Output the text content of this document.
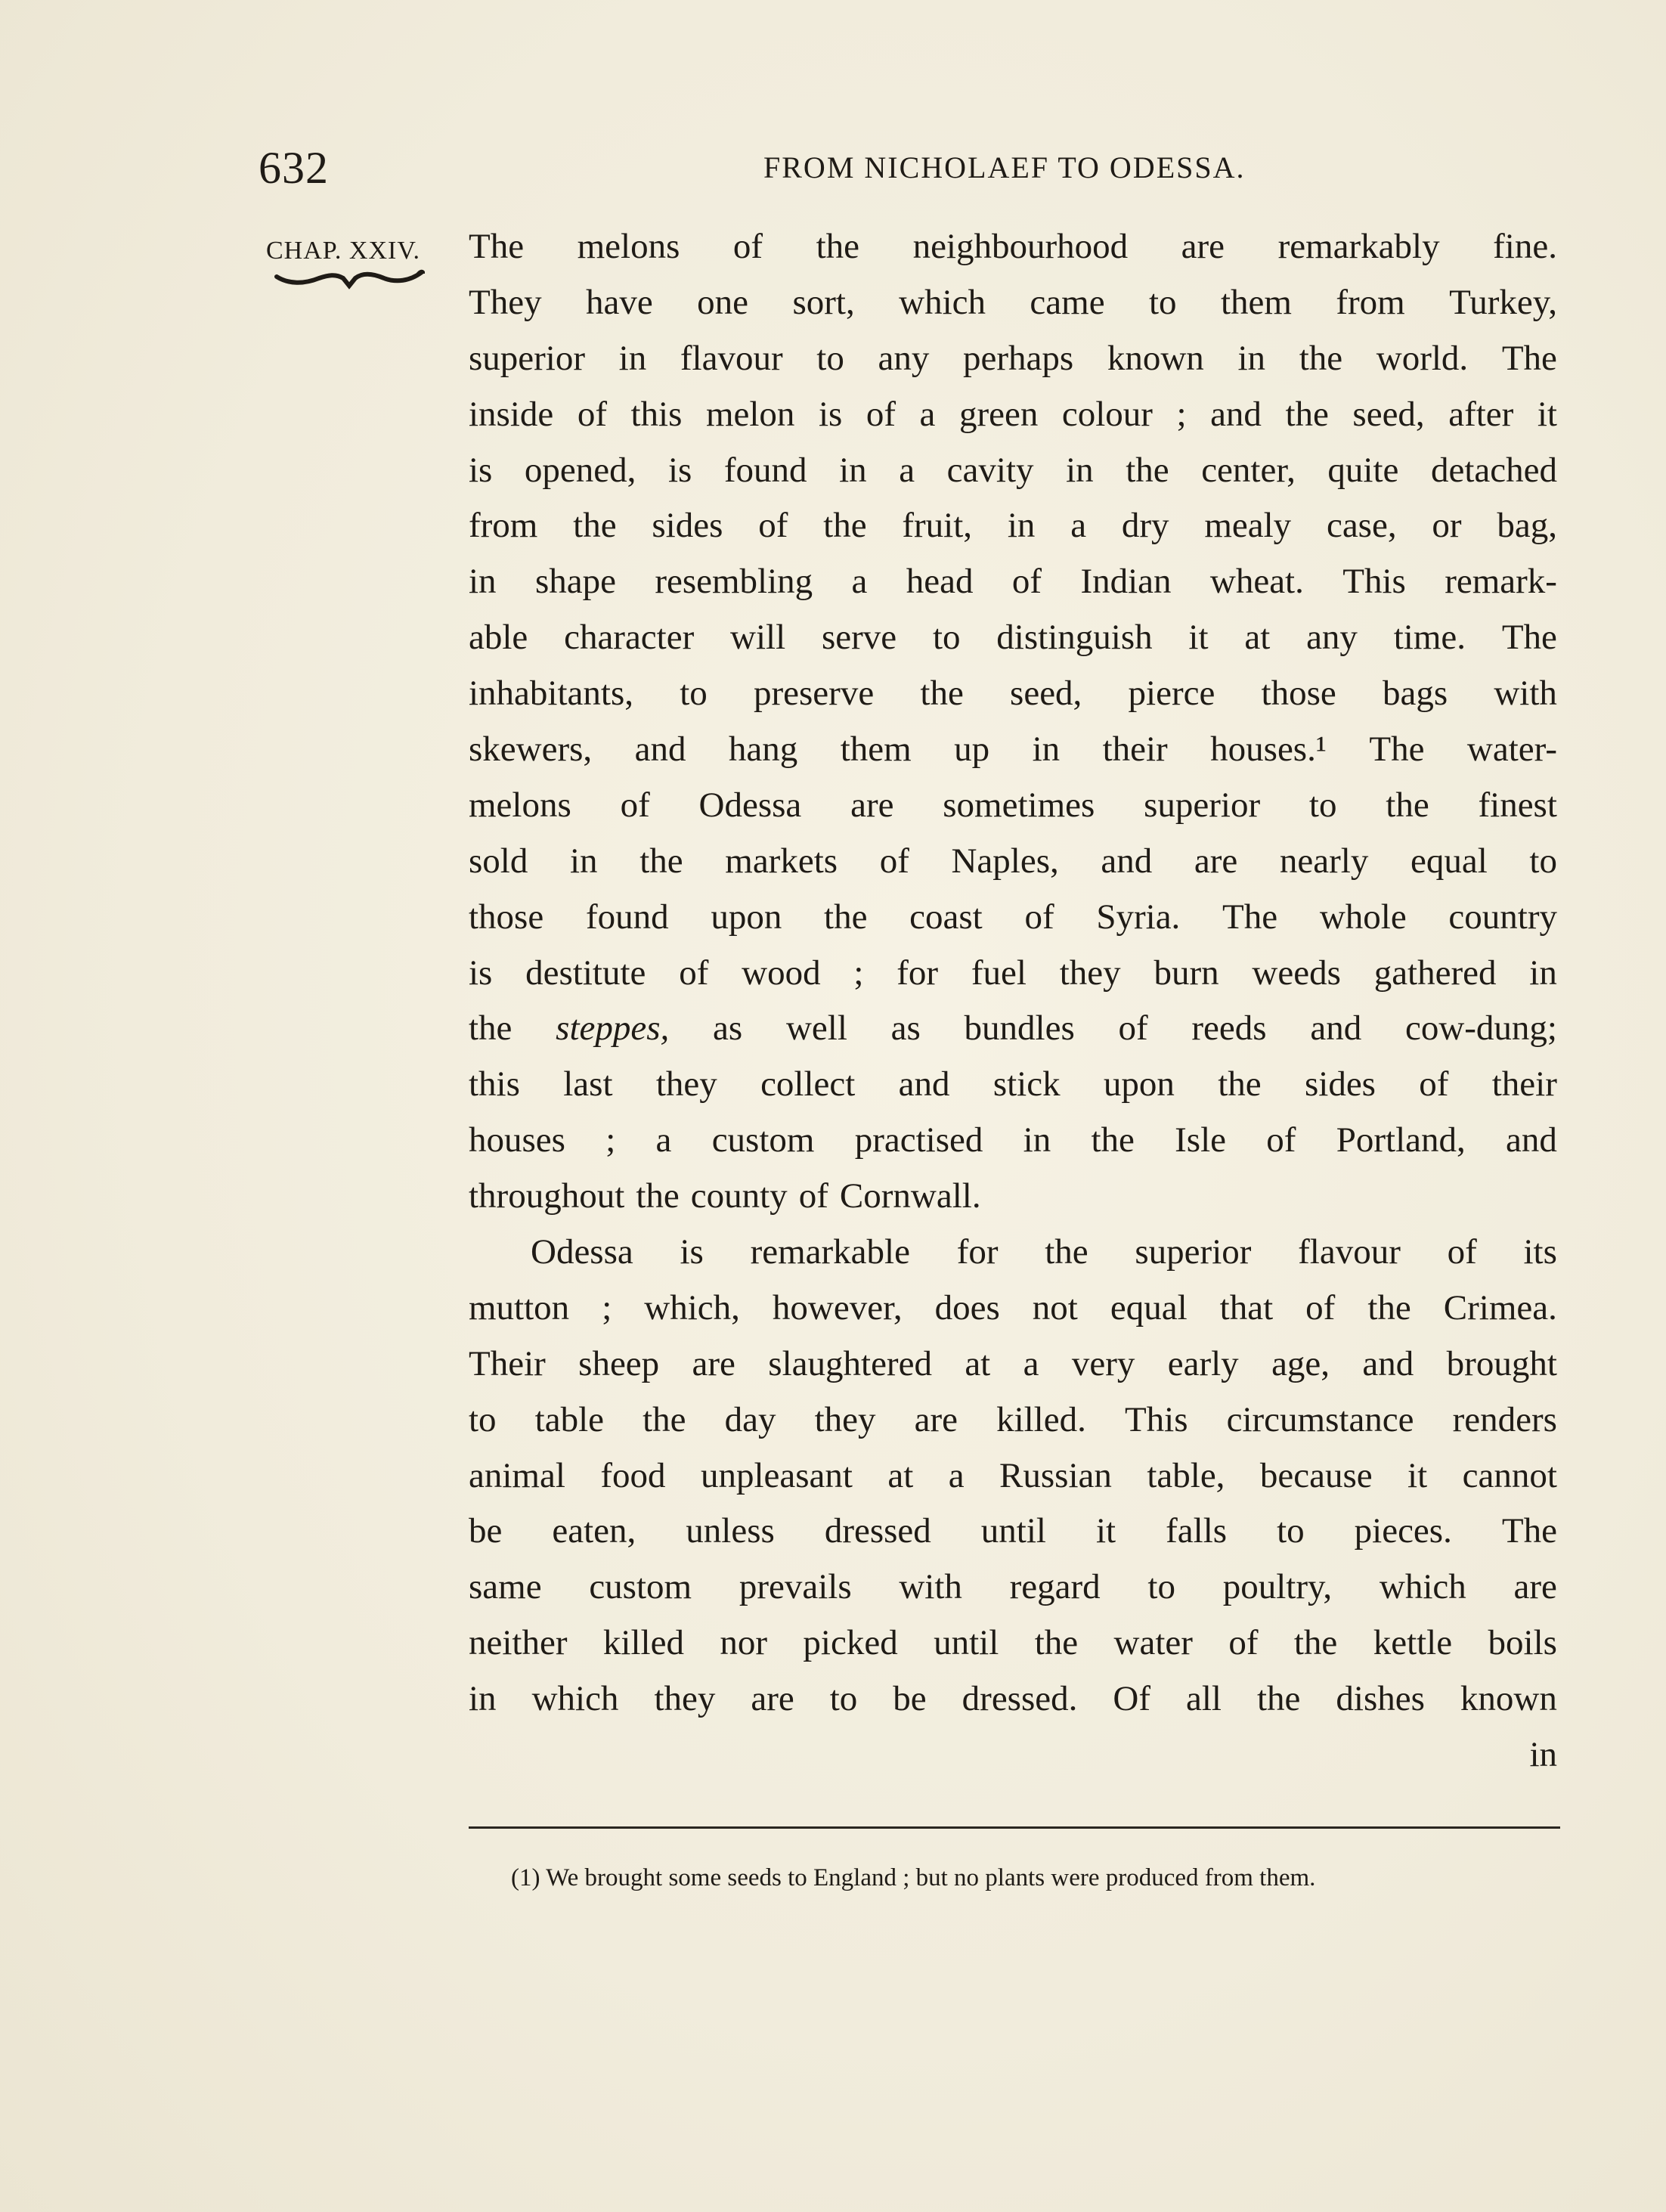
632	FROM NICHOLAEF TO ODESSA.
CHAP. XXIV. The melons of the neighbourhood are remarkably fine.
They have one sort, which came to them from Turkey,
superior in flavour to any perhaps known in the world. The
inside of this melon is of a green colour ; and the seed, after it
is opened, is found in a cavity in the center, quite detached
from the sides of the fruit, in a dry mealy case, or bag,
in shape resembling a head of Indian wheat. This remark-
able character will serve to distinguish it at any time. The
inhabitants, to preserve the seed, pierce those bags with
skewers, and hang them up in their houses.¹ The water-
melons of Odessa are sometimes superior to the finest
sold in the markets of Naples, and are nearly equal to
those found upon the coast of Syria. The whole country
is destitute of wood ; for fuel they burn weeds gathered in
the steppes, as well as bundles of reeds and cow-dung;
this last they collect and stick upon the sides of their
houses ; a custom practised in the Isle of Portland, and
throughout the county of Cornwall.
Odessa is remarkable for the superior flavour of its
mutton ; which, however, does not equal that of the Crimea.
Their sheep are slaughtered at a very early age, and brought
to table the day they are killed. This circumstance renders
animal food unpleasant at a Russian table, because it cannot
be eaten, unless dressed until it falls to pieces. The
same custom prevails with regard to poultry, which are
neither killed nor picked until the water of the kettle boils
in which they are to be dressed. Of all the dishes known
in
(1) We brought some seeds to England ; but no plants were produced from them.
